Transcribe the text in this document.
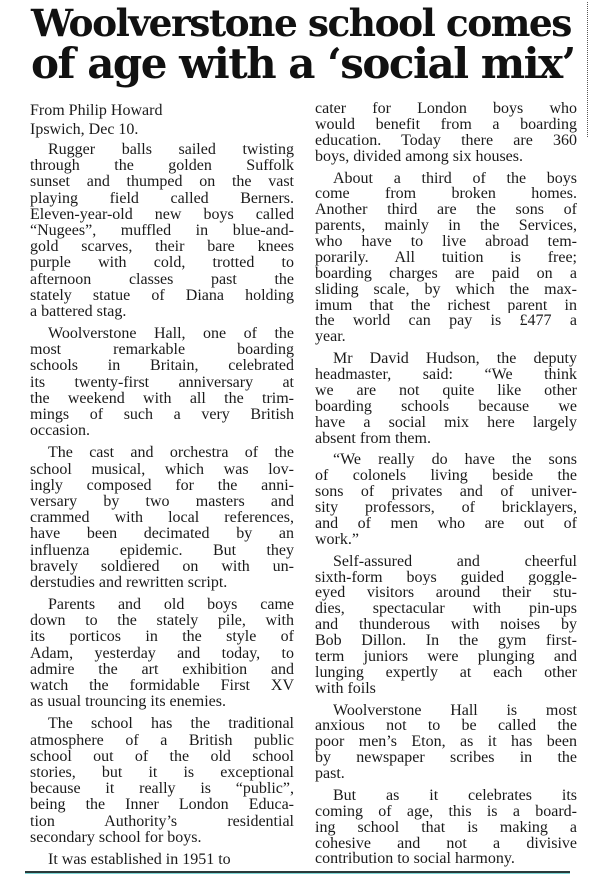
Woolverstone school comes
of age with a ‘social mix’
From Philip Howard
Ipswich, Dec 10.
Rugger balls sailed twisting
through the golden Suffolk
sunset and thumped on the vast
playing field called Berners.
Eleven-year-old new boys called
“Nugees”, muffled in blue-and-
gold scarves, their bare knees
purple with cold, trotted to
afternoon classes past the
stately statue of Diana holding
a battered stag.
Woolverstone Hall, one of the
most remarkable boarding
schools in Britain, celebrated
its twenty-first anniversary at
the weekend with all the trim-
mings of such a very British
occasion.
The cast and orchestra of the
school musical, which was lov-
ingly composed for the anni-
versary by two masters and
crammed with local references,
have been decimated by an
influenza epidemic. But they
bravely soldiered on with un-
derstudies and rewritten script.
Parents and old boys came
down to the stately pile, with
its porticos in the style of
Adam, yesterday and today, to
admire the art exhibition and
watch the formidable First XV
as usual trouncing its enemies.
The school has the traditional
atmosphere of a British public
school out of the old school
stories, but it is exceptional
because it really is “public”,
being the Inner London Educa-
tion Authority’s residential
secondary school for boys.
It was established in 1951 to
cater for London boys who
would benefit from a boarding
education. Today there are 360
boys, divided among six houses.
About a third of the boys
come from broken homes.
Another third are the sons of
parents, mainly in the Services,
who have to live abroad tem-
porarily. All tuition is free;
boarding charges are paid on a
sliding scale, by which the max-
imum that the richest parent in
the world can pay is £477 a
year.
Mr David Hudson, the deputy
headmaster, said: “We think
we are not quite like other
boarding schools because we
have a social mix here largely
absent from them.
“We really do have the sons
of colonels living beside the
sons of privates and of univer-
sity professors, of bricklayers,
and of men who are out of
work.”
Self-assured and cheerful
sixth-form boys guided goggle-
eyed visitors around their stu-
dies, spectacular with pin-ups
and thunderous with noises by
Bob Dillon. In the gym first-
term juniors were plunging and
lunging expertly at each other
with foils
Woolverstone Hall is most
anxious not to be called the
poor men’s Eton, as it has been
by newspaper scribes in the
past.
But as it celebrates its
coming of age, this is a board-
ing school that is making a
cohesive and not a divisive
contribution to social harmony.
